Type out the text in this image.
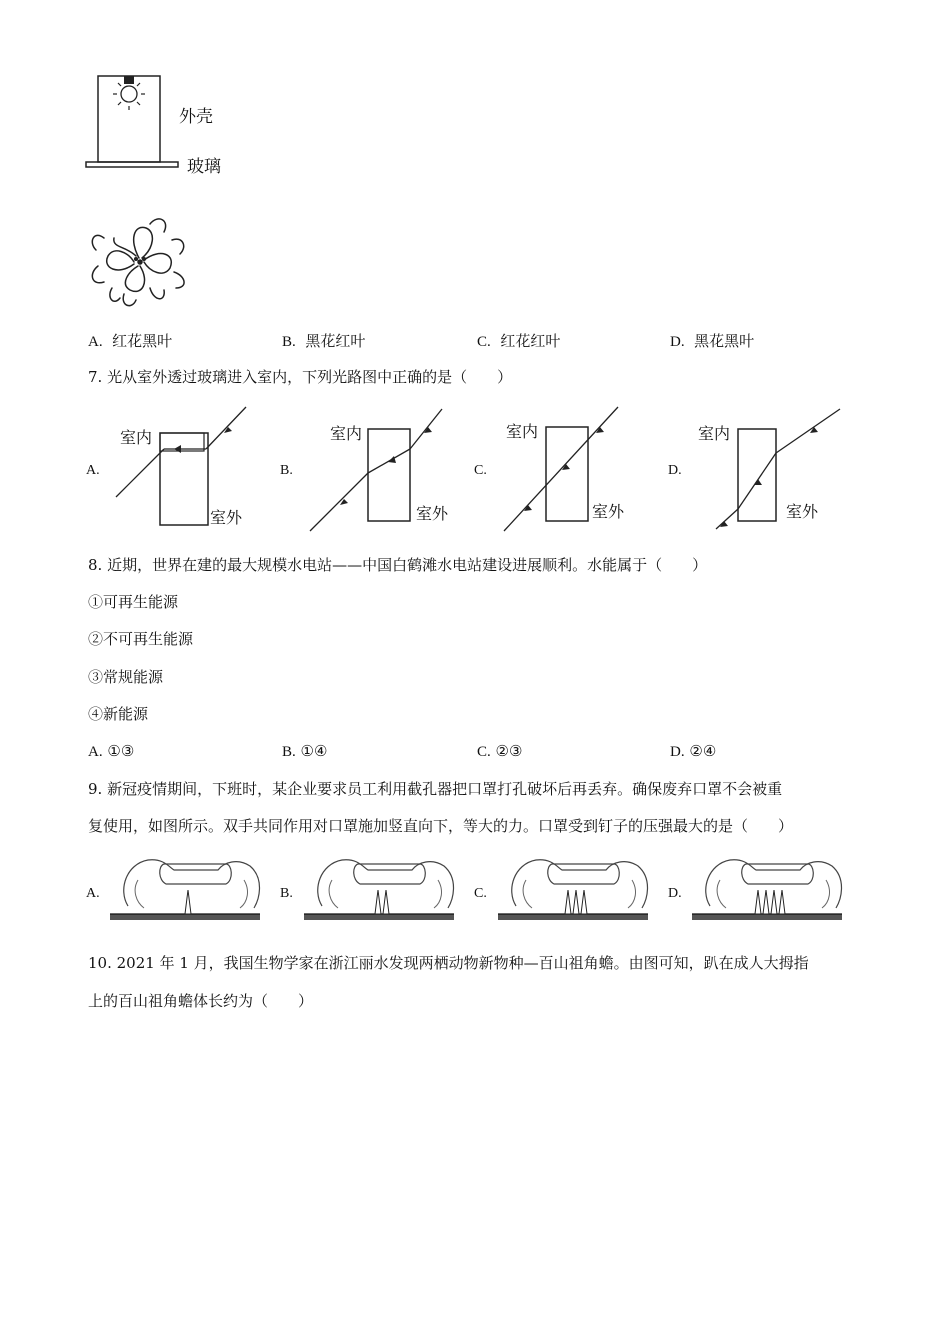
外壳
玻璃
A. 红花黑叶	B. 黑花红叶	C. 红花红叶	D. 黑花黑叶
7. 光从室外透过玻璃进入室内，下列光路图中正确的是（　　）
A.
室内
室外
B.
室内
室外
C.
室内
室外
D.
室内
室外
8. 近期，世界在建的最大规模水电站——中国白鹤滩水电站建设进展顺利。水能属于（　　）
①可再生能源
②不可再生能源
③常规能源
④新能源
A. ①③	B. ①④	C. ②③	D. ②④
9. 新冠疫情期间，下班时，某企业要求员工利用截孔器把口罩打孔破坏后再丢弃。确保废弃口罩不会被重
复使用，如图所示。双手共同作用对口罩施加竖直向下，等大的力。口罩受到钉子的压强最大的是（　　）
A.	B.	C.	D.
10. 2021 年 1 月，我国生物学家在浙江丽水发现两栖动物新物种—百山祖角蟾。由图可知，趴在成人大拇指
上的百山祖角蟾体长约为（　　）
